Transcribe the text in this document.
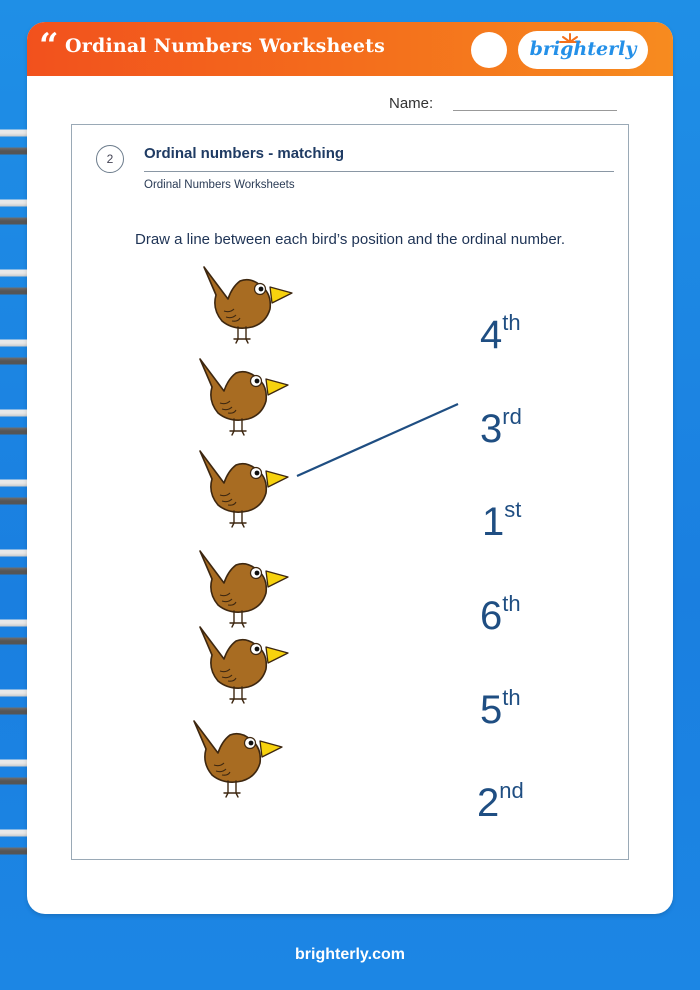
“ Ordinal Numbers Worksheets	brighterly
Name:
2	Ordinal numbers - matching
Ordinal Numbers Worksheets
Draw a line between each bird’s position and the ordinal number.
4th
3rd
1st
6th
5th
2nd
brighterly.com
